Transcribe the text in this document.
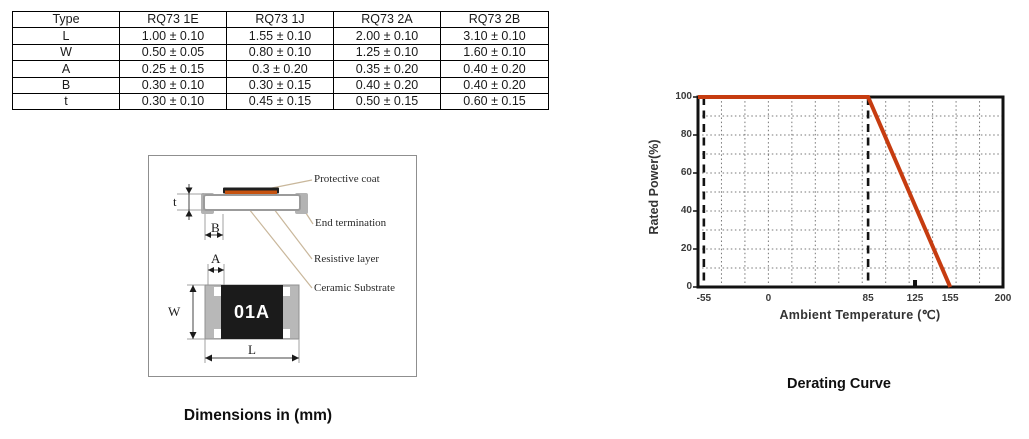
Type	RQ73 1E	RQ73 1J	RQ73 2A	RQ73 2B
L	1.00 ± 0.10	1.55 ± 0.10	2.00 ± 0.10	3.10 ± 0.10
W	0.50 ± 0.05	0.80 ± 0.10	1.25 ± 0.10	1.60 ± 0.10
A	0.25 ± 0.15	0.3 ± 0.20	0.35 ± 0.20	0.40 ± 0.20
B	0.30 ± 0.10	0.30 ± 0.15	0.40 ± 0.20	0.40 ± 0.20
t	0.30 ± 0.10	0.45 ± 0.15	0.50 ± 0.15	0.60 ± 0.15
t
B
A
W
L
01A
Protective coat
End termination
Resistive layer
Ceramic Substrate
Dimensions in (mm)
Rated Power(%)
Ambient Temperature (℃)
-55	0	85	125	155	200
100
80
60
40
20
0
Derating Curve
